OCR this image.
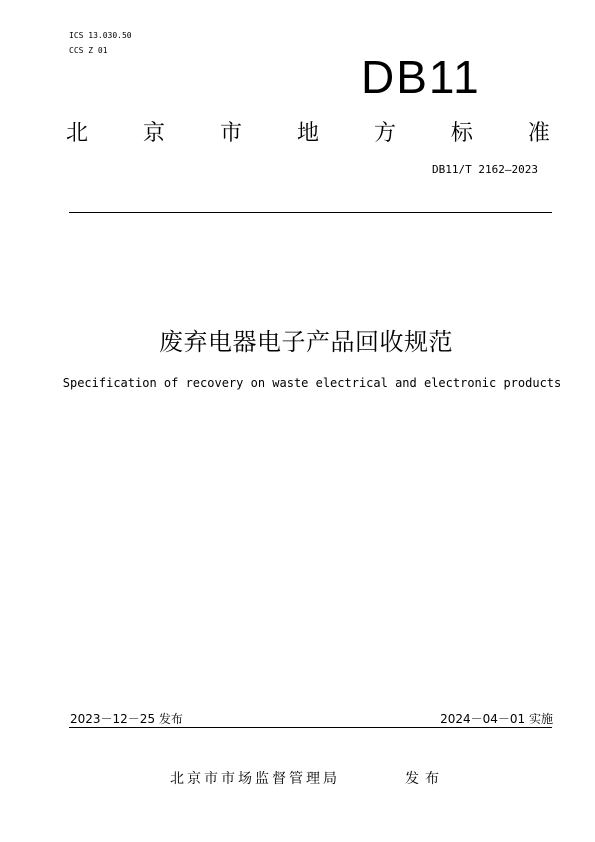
ICS 13.030.50
CCS Z 01
DB11
北 京 市 地 方 标 准
DB11/T 2162—2023
废弃电器电子产品回收规范
Specification of recovery on waste electrical and electronic products
2023－12－25 发布	2024－04－01 实施
北京市市场监督管理局	发布
